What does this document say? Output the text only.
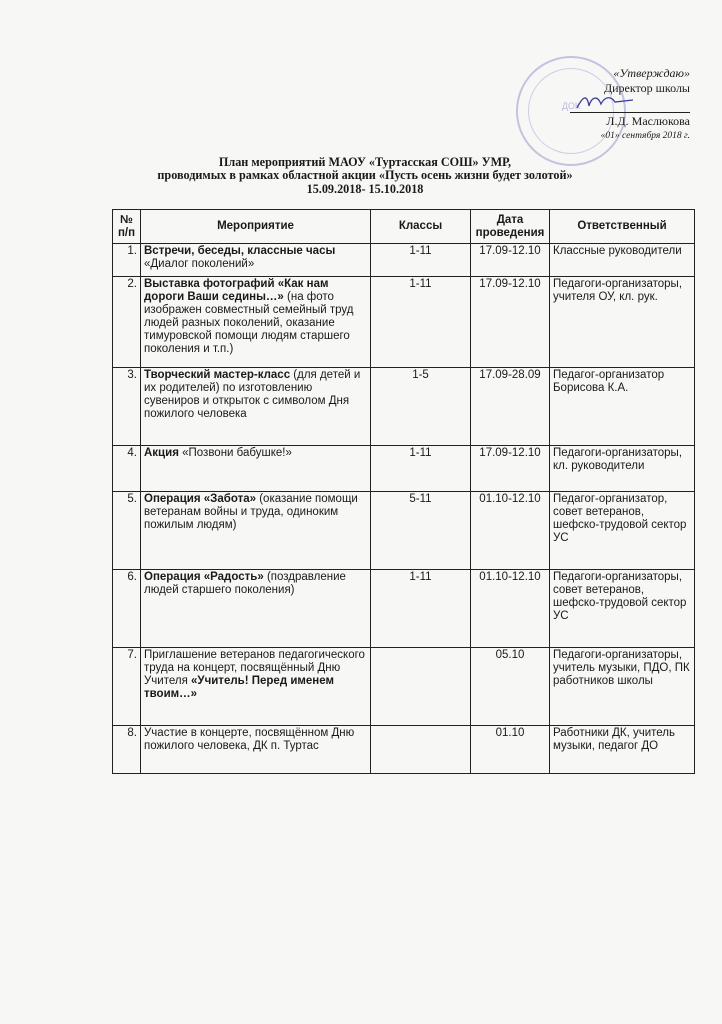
ДОК
«Утверждаю»
Директор школы
Л.Д. Маслюкова
«01» сентября 2018 г.
План мероприятий МАОУ «Туртасская СОШ» УМР,
проводимых в рамках областной акции «Пусть осень жизни будет золотой»
15.09.2018- 15.10.2018
№ п/п	Мероприятие	Классы	Дата проведения	Ответственный
1.	Встречи, беседы, классные часы «Диалог поколений»	1-11	17.09-12.10	Классные руководители
2.	Выставка фотографий «Как нам дороги Ваши седины…» (на фото изображен совместный семейный труд людей разных поколений, оказание тимуровской помощи людям старшего поколения и т.п.)	1-11	17.09-12.10	Педагоги-организаторы, учителя ОУ, кл. рук.
3.	Творческий мастер-класс (для детей и их родителей) по изготовлению сувениров и открыток с символом Дня пожилого человека	1-5	17.09-28.09	Педагог-организатор Борисова К.А.
4.	Акция «Позвони бабушке!»	1-11	17.09-12.10	Педагоги-организаторы, кл. руководители
5.	Операция «Забота» (оказание помощи ветеранам войны и труда, одиноким пожилым людям)	5-11	01.10-12.10	Педагог-организатор, совет ветеранов, шефско-трудовой сектор УС
6.	Операция «Радость» (поздравление людей старшего поколения)	1-11	01.10-12.10	Педагоги-организаторы, совет ветеранов, шефско-трудовой сектор УС
7.	Приглашение ветеранов педагогического труда на концерт, посвящённый Дню Учителя «Учитель! Перед именем твоим…»		05.10	Педагоги-организаторы, учитель музыки, ПДО, ПК работников школы
8.	Участие в концерте, посвящённом Дню пожилого человека, ДК п. Туртас		01.10	Работники ДК, учитель музыки, педагог ДО
